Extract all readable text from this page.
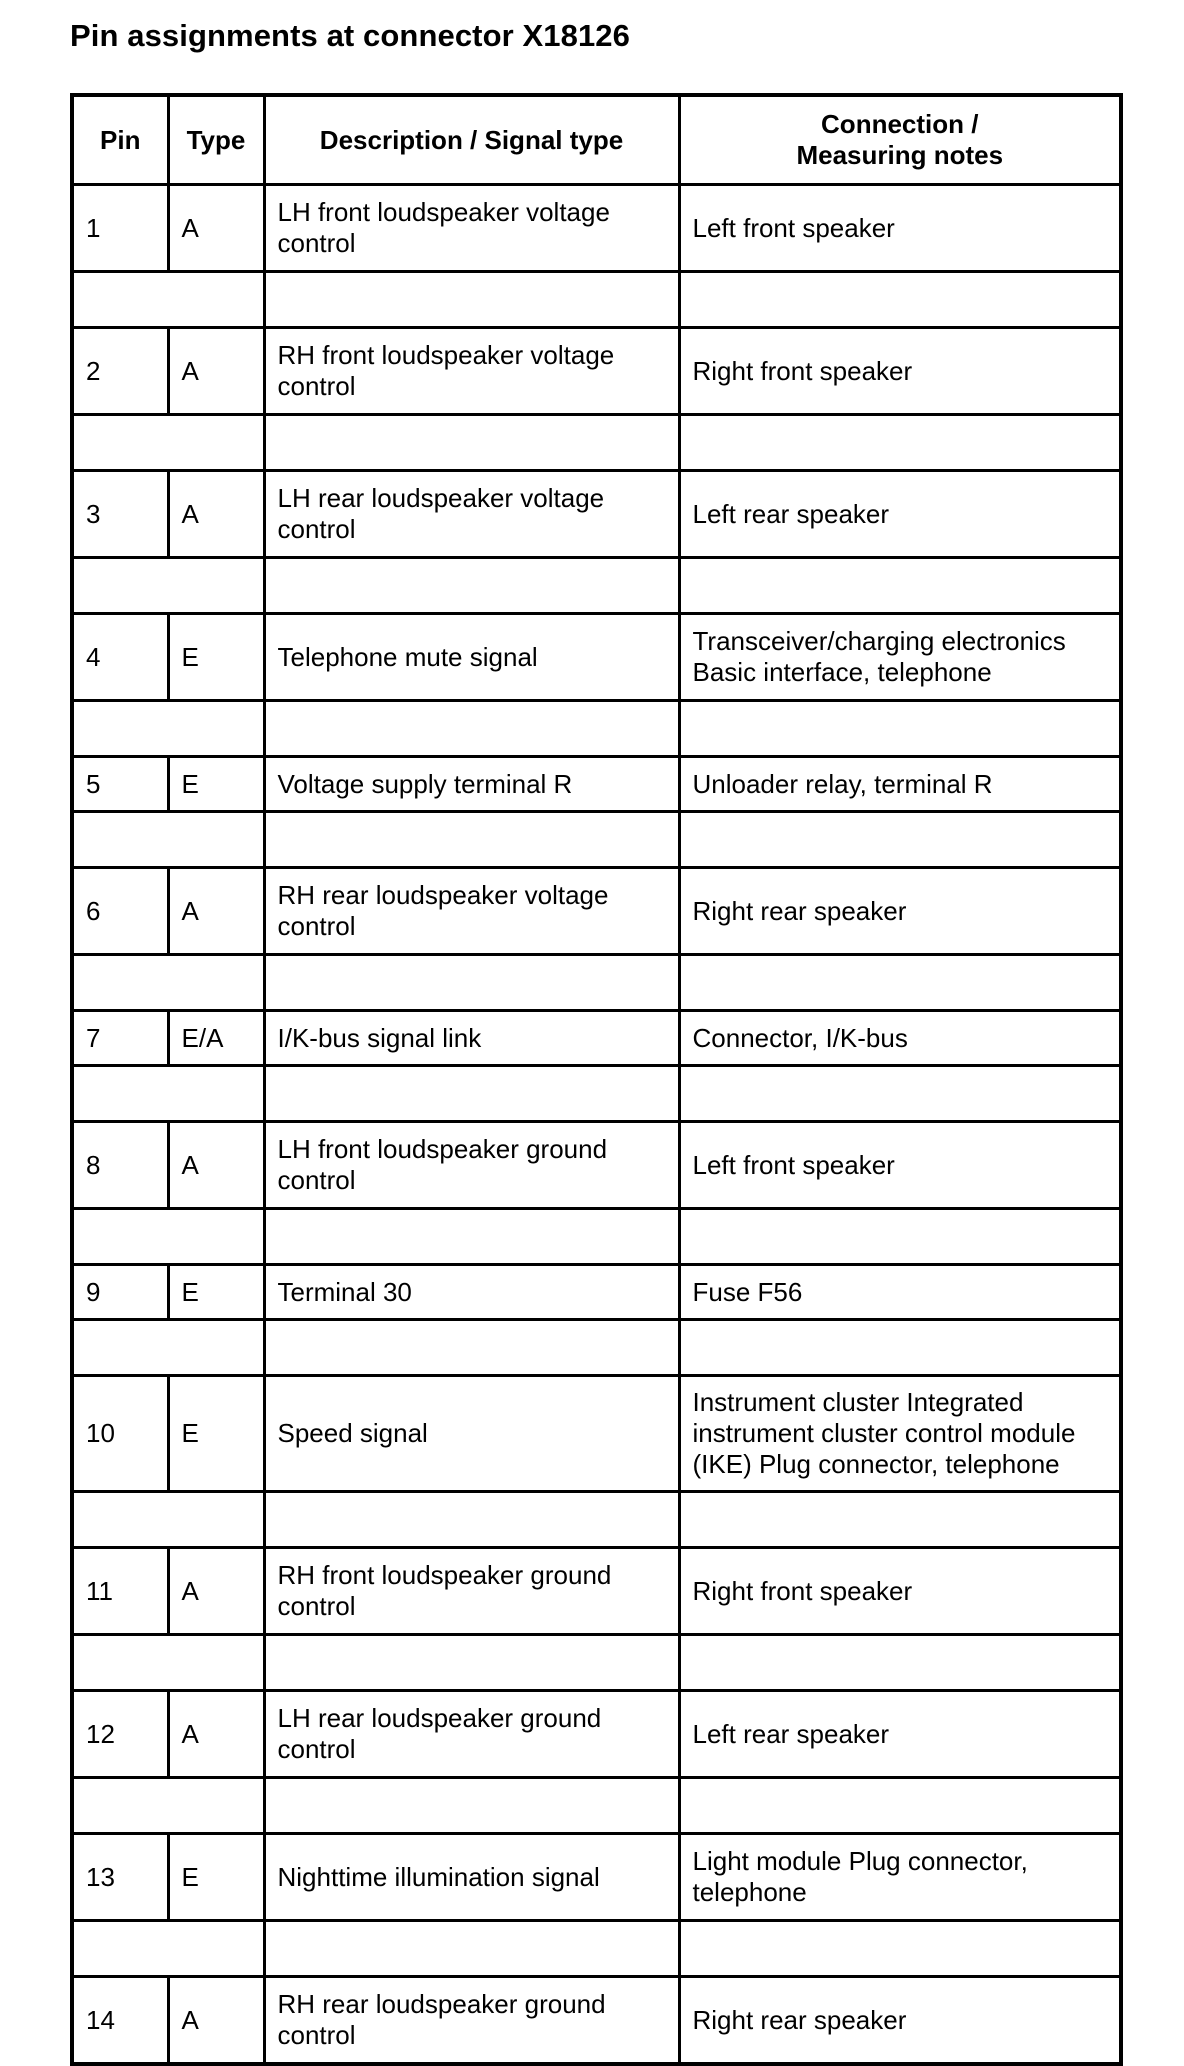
Pin assignments at connector X18126
Pin	Type	Description / Signal type	Connection /
Measuring notes

1	A	LH front loudspeaker voltage
control	Left front speaker

2	A	RH front loudspeaker voltage
control	Right front speaker

3	A	LH rear loudspeaker voltage
control	Left rear speaker

4	E	Telephone mute signal	Transceiver/charging electronics
Basic interface, telephone

5	E	Voltage supply terminal R	Unloader relay, terminal R

6	A	RH rear loudspeaker voltage
control	Right rear speaker

7	E/A	I/K-bus signal link	Connector, I/K-bus

8	A	LH front loudspeaker ground
control	Left front speaker

9	E	Terminal 30	Fuse F56

10	E	Speed signal	Instrument cluster Integrated
instrument cluster control module
(IKE) Plug connector, telephone

11	A	RH front loudspeaker ground
control	Right front speaker

12	A	LH rear loudspeaker ground
control	Left rear speaker

13	E	Nighttime illumination signal	Light module Plug connector,
telephone

14	A	RH rear loudspeaker ground
control	Right rear speaker
